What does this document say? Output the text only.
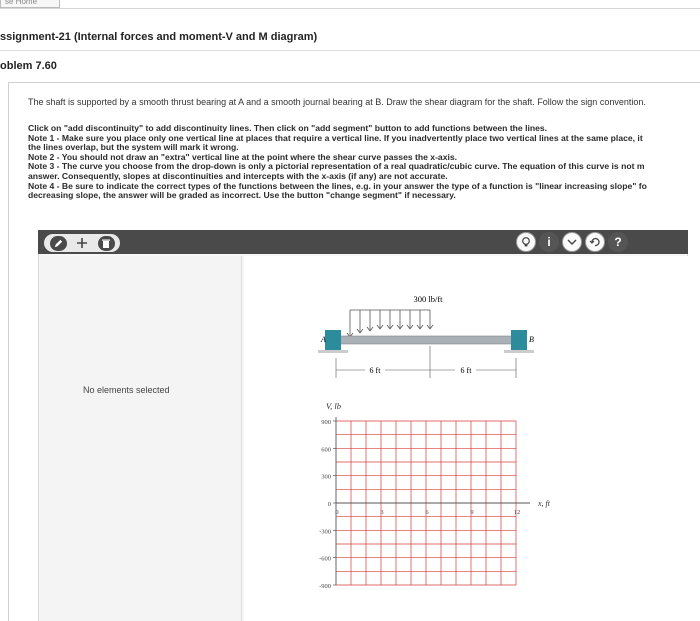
se Home
ssignment-21 (Internal forces and moment-V and M diagram)
oblem 7.60
The shaft is supported by a smooth thrust bearing at A and a smooth journal bearing at B. Draw the shear diagram for the shaft. Follow the sign convention.
Click on "add discontinuity" to add discontinuity lines. Then click on "add segment" button to add functions between the lines.
Note 1 - Make sure you place only one vertical line at places that require a vertical line. If you inadvertently place two vertical lines at the same place, it
the lines overlap, but the system will mark it wrong.
Note 2 - You should not draw an "extra" vertical line at the point where the shear curve passes the x-axis.
Note 3 - The curve you choose from the drop-down is only a pictorial representation of a real quadratic/cubic curve. The equation of this curve is not m
answer. Consequently, slopes at discontinuities and intercepts with the x-axis (if any) are not accurate.
Note 4 - Be sure to indicate the correct types of the functions between the lines, e.g. in your answer the type of a function is "linear increasing slope" fo
decreasing slope, the answer will be graded as incorrect. Use the button "change segment" if necessary.
i	?
No elements selected
300 lb/ft
A	B
6 ft	6 ft
900
600
300
0
-300
-600
-900
0	3	6	9	12
V, lb
x, ft
